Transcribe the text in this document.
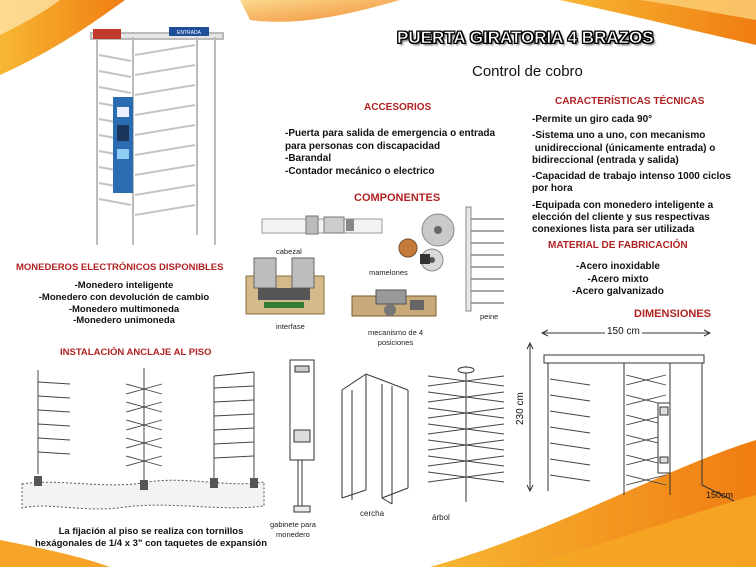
PUERTA GIRATORIA 4 BRAZOS
Control de cobro
ENTRADA
ACCESORIOS
-Puerta para salida de emergencia o entrada
para personas con discapacidad
-Barandal
-Contador mecánico o electrico
CARACTERÍSTICAS TÉCNICAS
-Permite un giro cada 90°
-Sistema uno a uno, con mecanismo
unidireccional (únicamente entrada) o
bidireccional (entrada y salida)
-Capacidad de trabajo intenso 1000 ciclos
por hora
-Equipada con monedero inteligente a
elección del cliente y sus respectivas
conexiones lista para ser utilizada
COMPONENTES
cabezal
mamelones
peine
interfase
mecanismo de 4
posiciones
MONEDEROS ELECTRÓNICOS DISPONIBLES
-Monedero inteligente
-Monedero con devolución de cambio
-Monedero multimoneda
-Monedero unimoneda
MATERIAL DE FABRICACIÓN
-Acero inoxidable
-Acero mixto
-Acero galvanizado
DIMENSIONES
150 cm
230 cm
150cm
INSTALACIÓN ANCLAJE AL PISO
La fijación al piso se realiza con tornillos
hexágonales de 1/4 x 3" con taquetes de expansión
gabinete para
monedero
cercha	árbol
